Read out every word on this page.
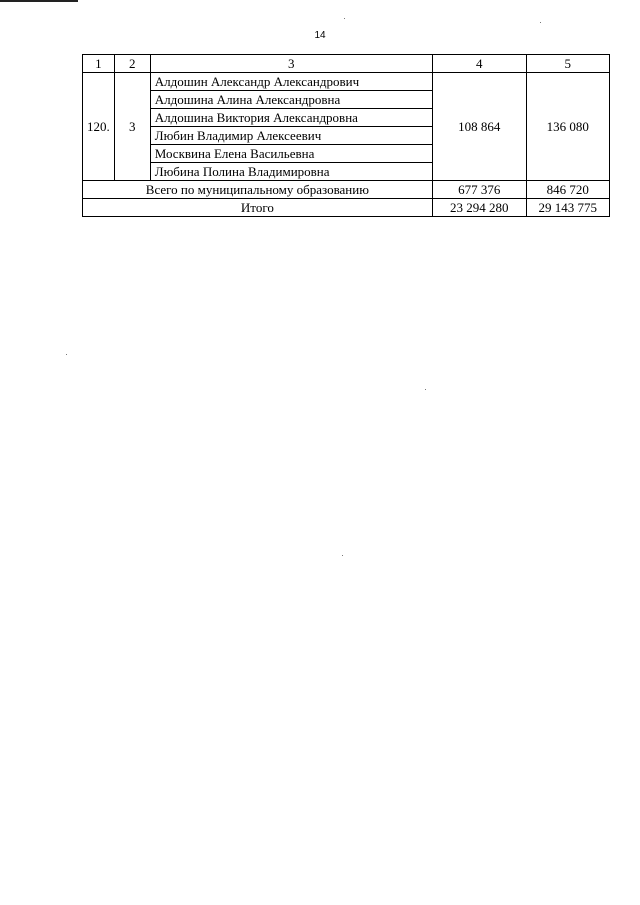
14
1	2	3	4	5
120.	3	Алдошин Александр Александрович	108 864	136 080
		Алдошина Алина Александровна		
		Алдошина Виктория Александровна		
		Любин Владимир Алексеевич		
		Москвина Елена Васильевна		
		Любина Полина Владимировна		
Всего по муниципальному образованию			677 376	846 720
Итого			23 294 280	29 143 775
